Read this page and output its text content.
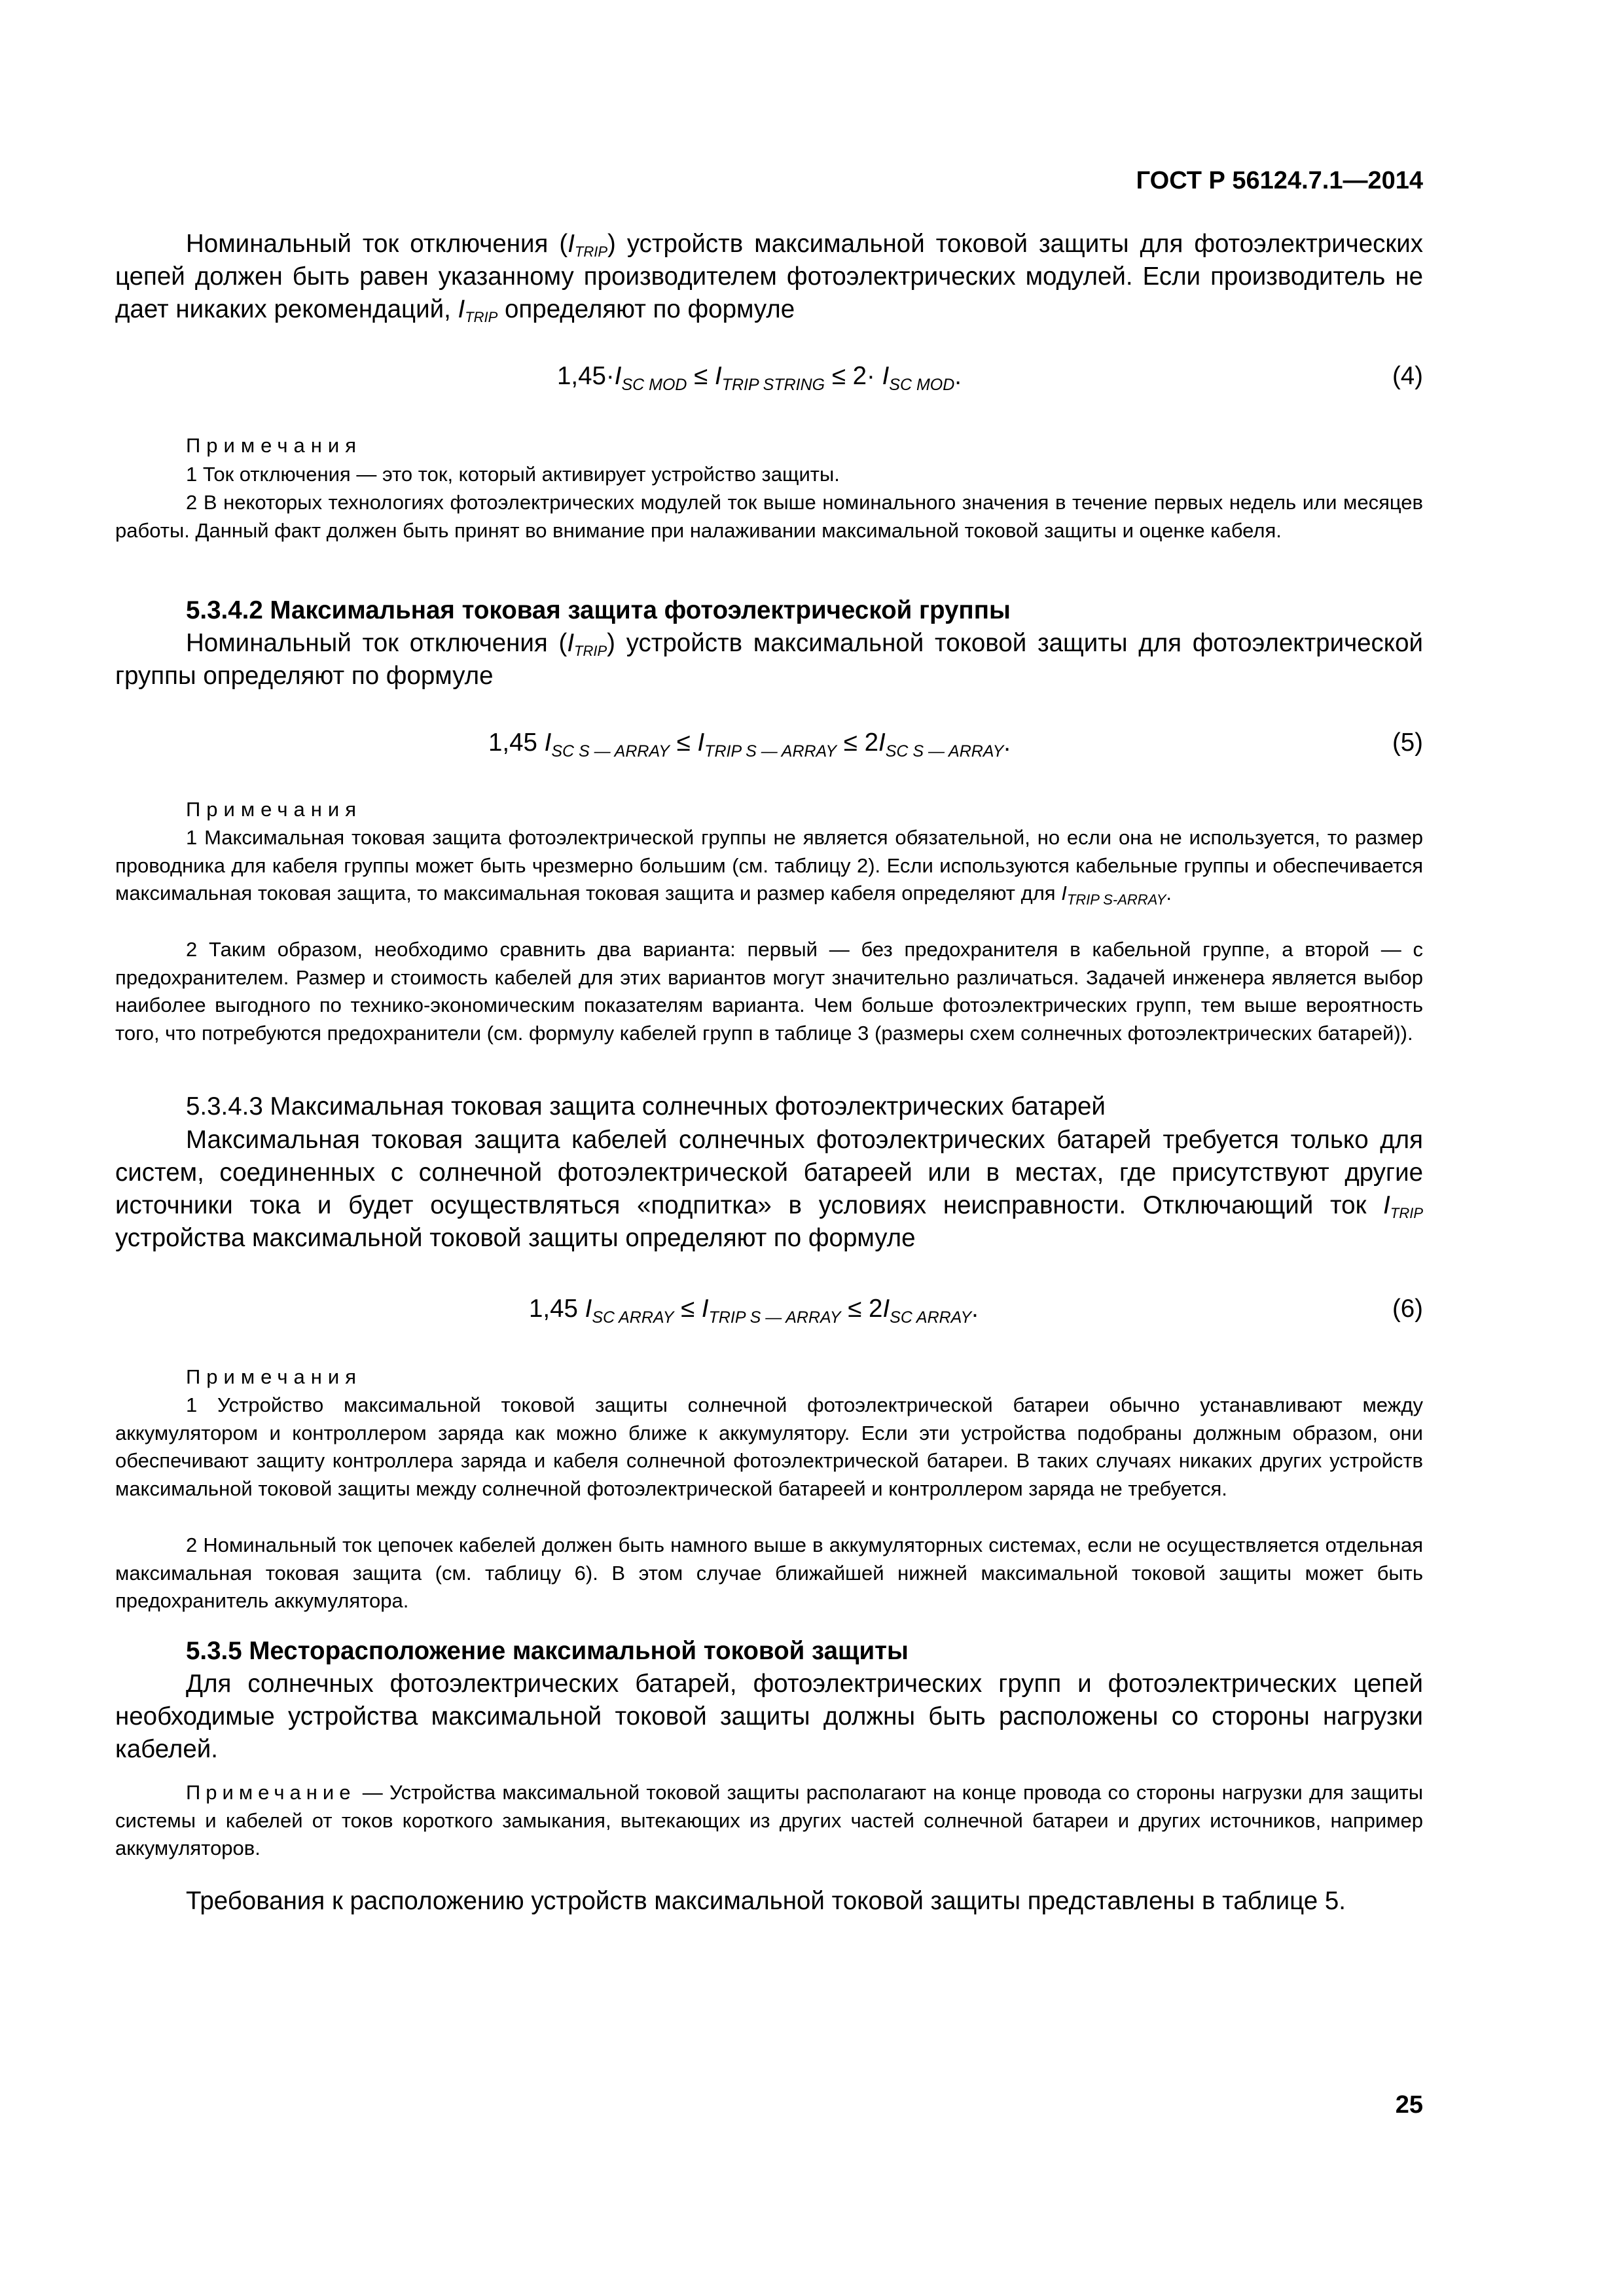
ГОСТ Р 56124.7.1—2014

Номинальный ток отключения $(I_{TRIP})$ устройств максимальной токовой защиты для фотоэлектрических цепей должен быть равен указанному производителем фотоэлектрических модулей. Если производитель не дает никаких рекомендаций, $I_{TRIP}$ определяют по формуле

$1,45\cdot I_{SC MOD} \le I_{TRIP STRING} \le 2\cdot I_{SC MOD}$.	(4)

Примечания

1 Ток отключения — это ток, который активирует устройство защиты.

2 В некоторых технологиях фотоэлектрических модулей ток выше номинального значения в течение первых недель или месяцев работы. Данный факт должен быть принят во внимание при налаживании максимальной токовой защиты и оценке кабеля.

5.3.4.2 Максимальная токовая защита фотоэлектрической группы

Номинальный ток отключения $(I_{TRIP})$ устройств максимальной токовой защиты для фотоэлектрической группы определяют по формуле

1,45 $I_{SC S — ARRAY} \le I_{TRIP S — ARRAY} \le 2I_{SC S — ARRAY}$.	(5)

Примечания

1 Максимальная токовая защита фотоэлектрической группы не является обязательной, но если она не используется, то размер проводника для кабеля группы может быть чрезмерно большим (см. таблицу 2). Если используются кабельные группы и обеспечивается максимальная токовая защита, то максимальная токовая защита и размер кабеля определяют для $I_{TRIP S-ARRAY}$.

2 Таким образом, необходимо сравнить два варианта: первый — без предохранителя в кабельной группе, а второй — с предохранителем. Размер и стоимость кабелей для этих вариантов могут значительно различаться. Задачей инженера является выбор наиболее выгодного по технико-экономическим показателям варианта. Чем больше фотоэлектрических групп, тем выше вероятность того, что потребуются предохранители (см. формулу кабелей групп в таблице 3 (размеры схем солнечных фотоэлектрических батарей)).

5.3.4.3 Максимальная токовая защита солнечных фотоэлектрических батарей

Максимальная токовая защита кабелей солнечных фотоэлектрических батарей требуется только для систем, соединенных с солнечной фотоэлектрической батареей или в местах, где присутствуют другие источники тока и будет осуществляться «подпитка» в условиях неисправности. Отключающий ток $I_{TRIP}$ устройства максимальной токовой защиты определяют по формуле

1,45 $I_{SC ARRAY} \le I_{TRIP S — ARRAY} \le 2I_{SC ARRAY}$.	(6)

Примечания

1 Устройство максимальной токовой защиты солнечной фотоэлектрической батареи обычно устанавливают между аккумулятором и контроллером заряда как можно ближе к аккумулятору. Если эти устройства подобраны должным образом, они обеспечивают защиту контроллера заряда и кабеля солнечной фотоэлектрической батареи. В таких случаях никаких других устройств максимальной токовой защиты между солнечной фотоэлектрической батареей и контроллером заряда не требуется.

2 Номинальный ток цепочек кабелей должен быть намного выше в аккумуляторных системах, если не осуществляется отдельная максимальная токовая защита (см. таблицу 6). В этом случае ближайшей нижней максимальной токовой защиты может быть предохранитель аккумулятора.

5.3.5 Месторасположение максимальной токовой защиты

Для солнечных фотоэлектрических батарей, фотоэлектрических групп и фотоэлектрических цепей необходимые устройства максимальной токовой защиты должны быть расположены со стороны нагрузки кабелей.

Примечание — Устройства максимальной токовой защиты располагают на конце провода со стороны нагрузки для защиты системы и кабелей от токов короткого замыкания, вытекающих из других частей солнечной батареи и других источников, например аккумуляторов.

Требования к расположению устройств максимальной токовой защиты представлены в таблице 5.

25
